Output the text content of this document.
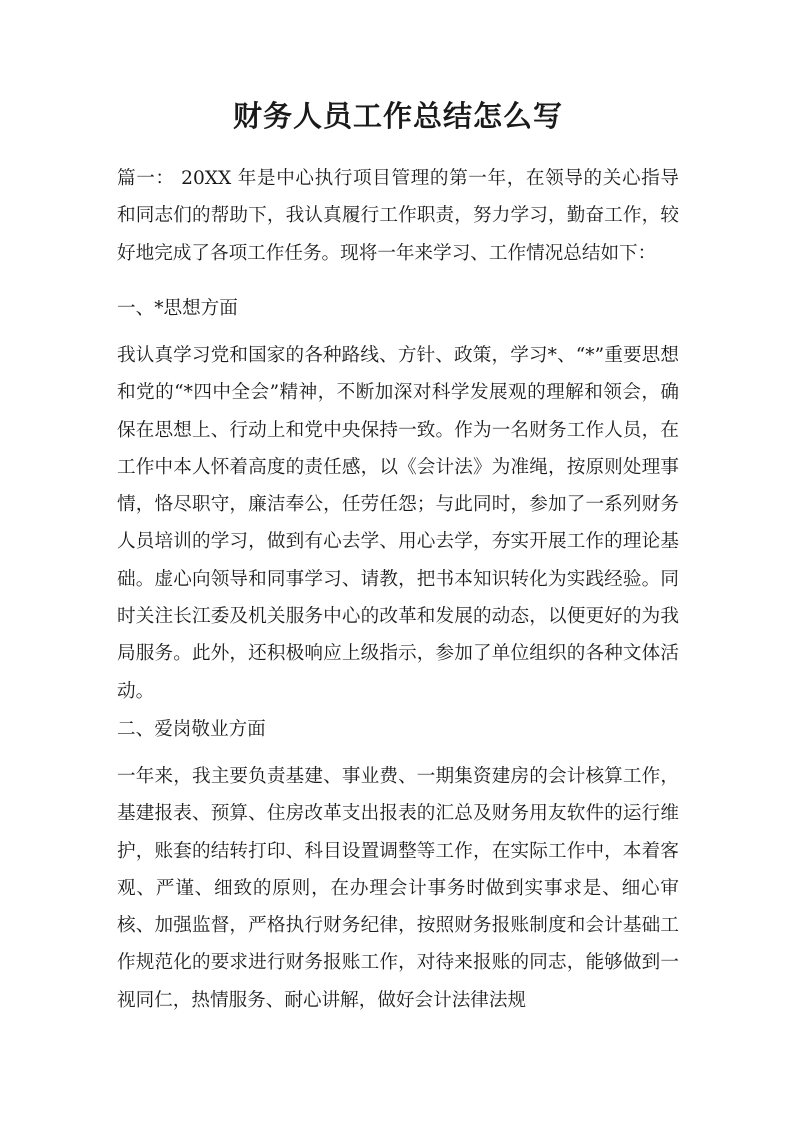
财务人员工作总结怎么写
篇一： 20XX 年是中心执行项目管理的第一年，在领导的关心指导和同志们的帮助下，我认真履行工作职责，努力学习，勤奋工作，较好地完成了各项工作任务。现将一年来学习、工作情况总结如下：
一、*思想方面
我认真学习党和国家的各种路线、方针、政策，学习*、“*”重要思想和党的“*四中全会”精神，不断加深对科学发展观的理解和领会，确保在思想上、行动上和党中央保持一致。作为一名财务工作人员，在工作中本人怀着高度的责任感，以《会计法》为准绳，按原则处理事情，恪尽职守，廉洁奉公，任劳任怨；与此同时，参加了一系列财务人员培训的学习，做到有心去学、用心去学，夯实开展工作的理论基础。虚心向领导和同事学习、请教，把书本知识转化为实践经验。同时关注长江委及机关服务中心的改革和发展的动态，以便更好的为我局服务。此外，还积极响应上级指示，参加了单位组织的各种文体活动。
二、爱岗敬业方面
一年来，我主要负责基建、事业费、一期集资建房的会计核算工作，基建报表、预算、住房改革支出报表的汇总及财务用友软件的运行维护，账套的结转打印、科目设置调整等工作，在实际工作中，本着客观、严谨、细致的原则，在办理会计事务时做到实事求是、细心审核、加强监督，严格执行财务纪律，按照财务报账制度和会计基础工作规范化的要求进行财务报账工作，对待来报账的同志，能够做到一视同仁，热情服务、耐心讲解，做好会计法律法规
